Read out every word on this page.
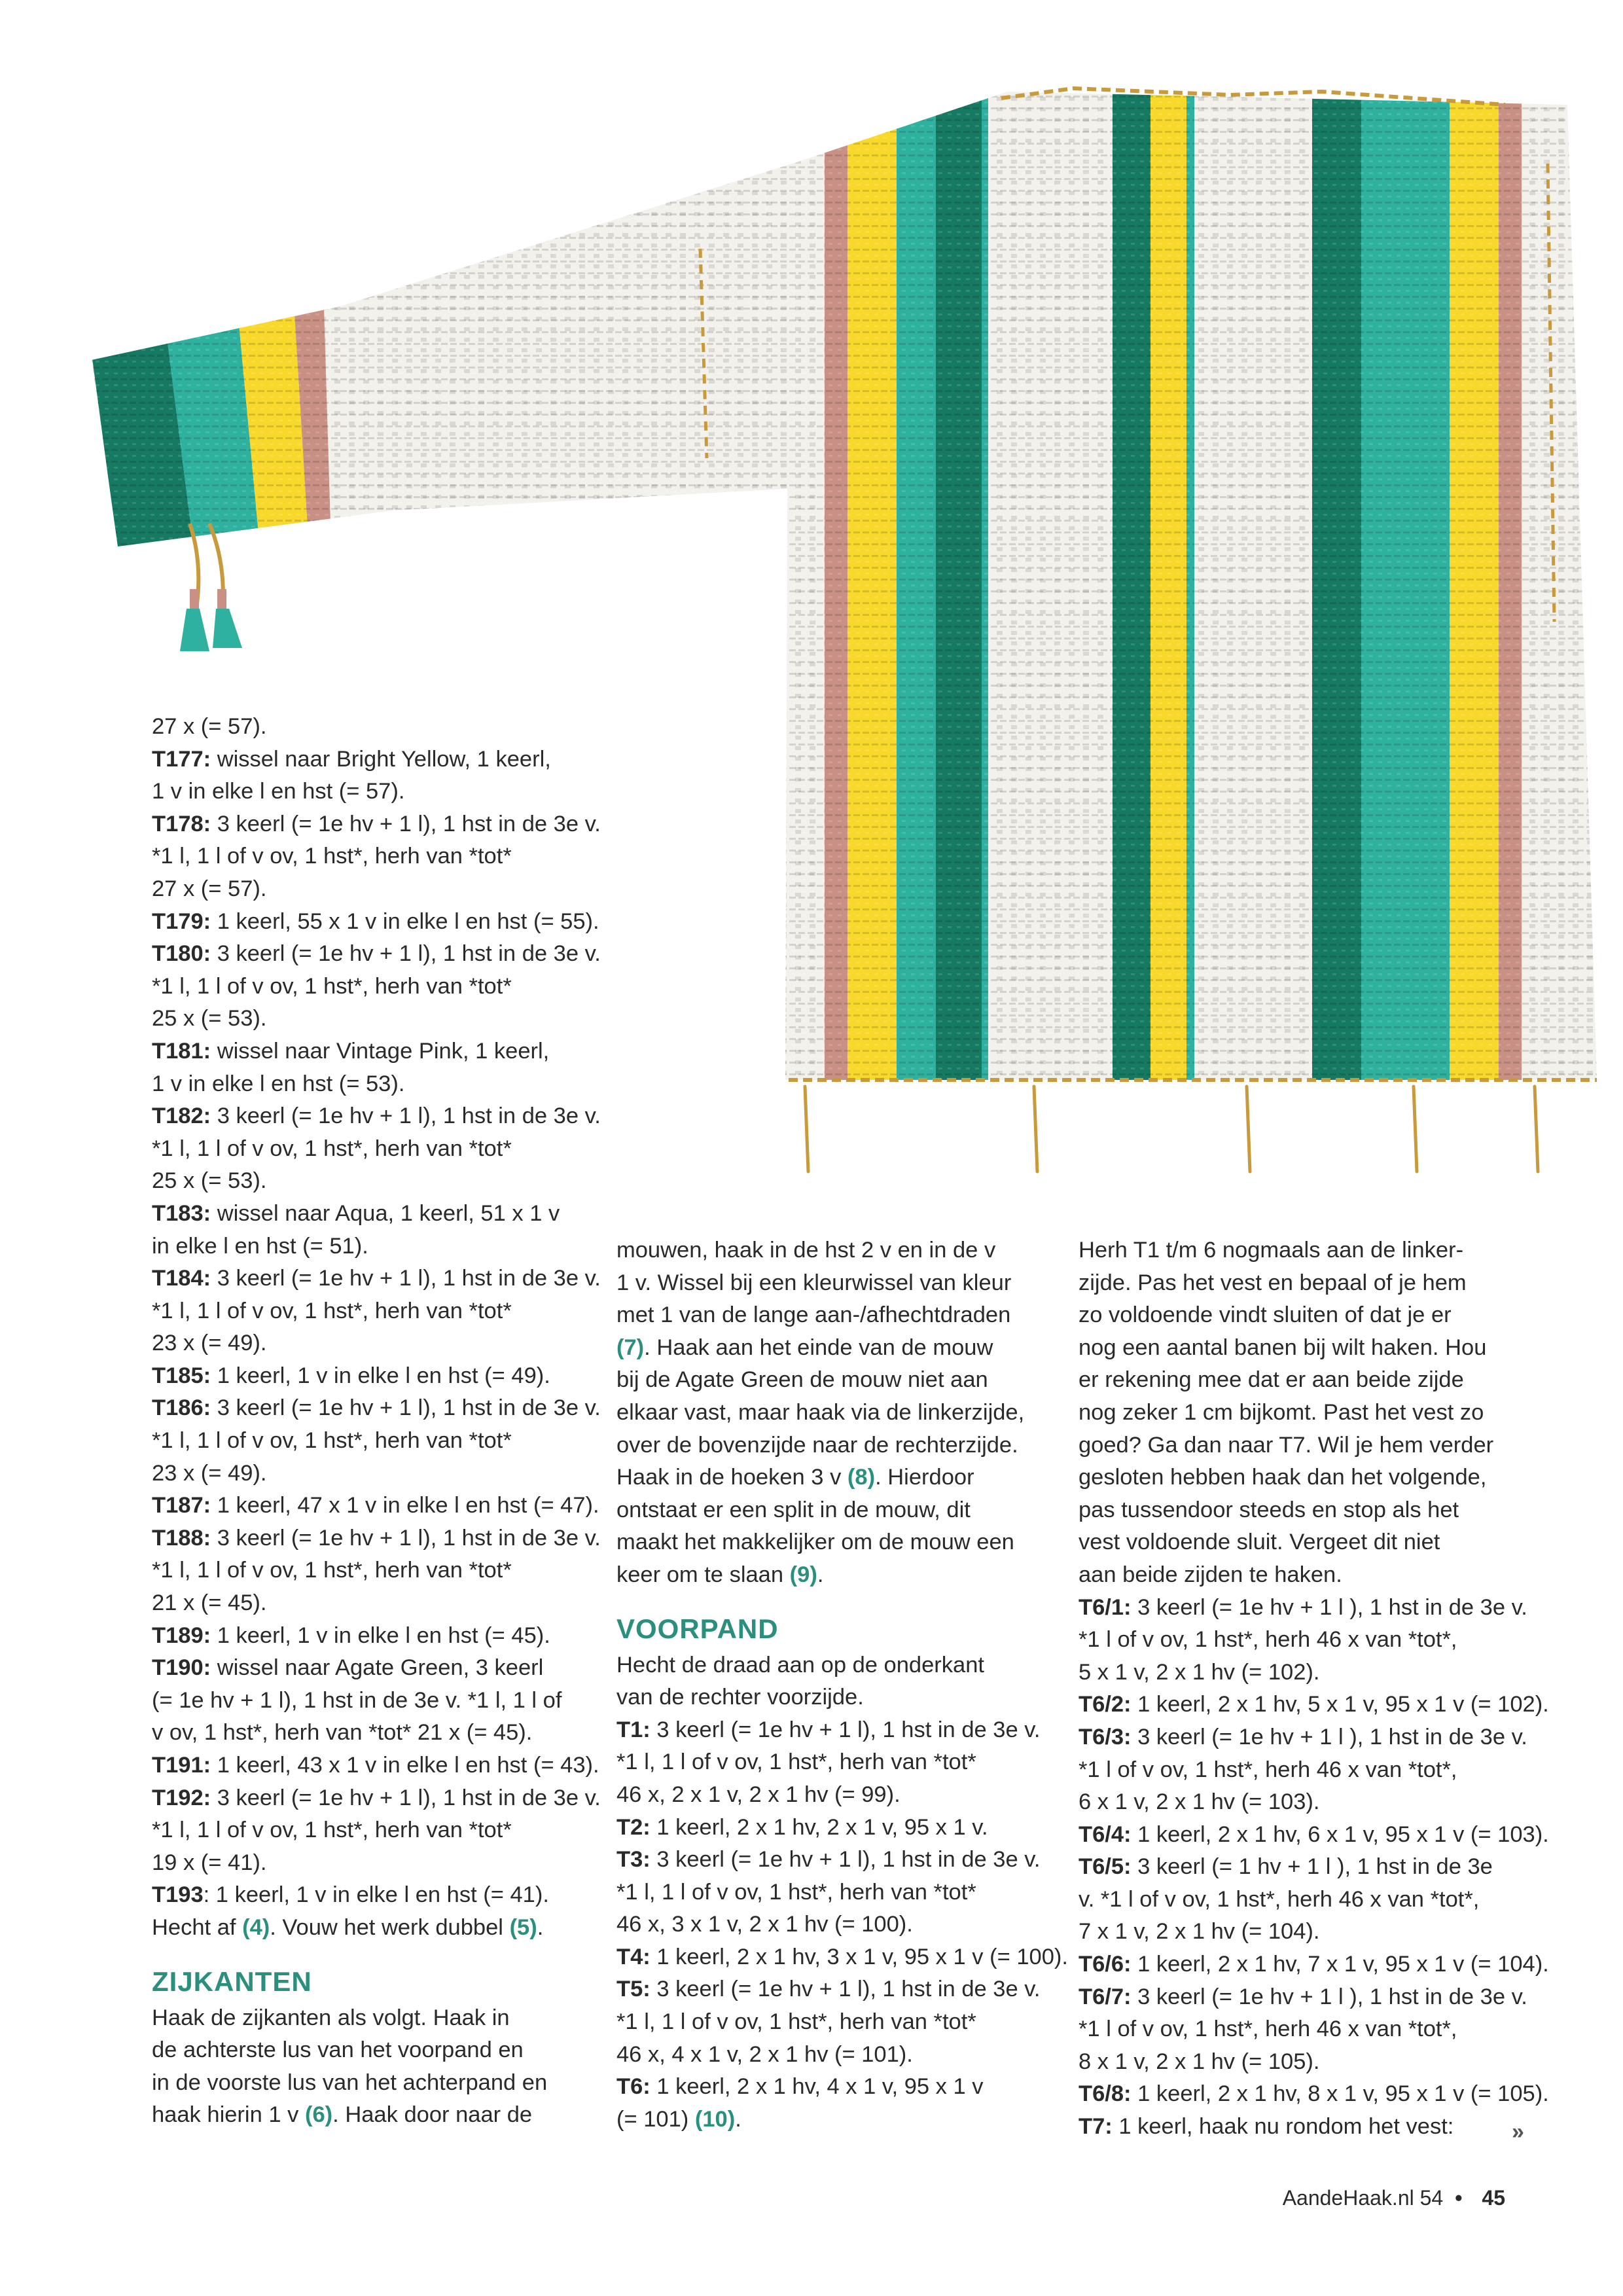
27 x (= 57).
T177: wissel naar Bright Yellow, 1 keerl,
1 v in elke l en hst (= 57).
T178: 3 keerl (= 1e hv + 1 l), 1 hst in de 3e v.
*1 l, 1 l of v ov, 1 hst*, herh van *tot*
27 x (= 57).
T179: 1 keerl, 55 x 1 v in elke l en hst (= 55).
T180: 3 keerl (= 1e hv + 1 l), 1 hst in de 3e v.
*1 l, 1 l of v ov, 1 hst*, herh van *tot*
25 x (= 53).
T181: wissel naar Vintage Pink, 1 keerl,
1 v in elke l en hst (= 53).
T182: 3 keerl (= 1e hv + 1 l), 1 hst in de 3e v.
*1 l, 1 l of v ov, 1 hst*, herh van *tot*
25 x (= 53).
T183: wissel naar Aqua, 1 keerl, 51 x 1 v
in elke l en hst (= 51).
T184: 3 keerl (= 1e hv + 1 l), 1 hst in de 3e v.
*1 l, 1 l of v ov, 1 hst*, herh van *tot*
23 x (= 49).
T185: 1 keerl, 1 v in elke l en hst (= 49).
T186: 3 keerl (= 1e hv + 1 l), 1 hst in de 3e v.
*1 l, 1 l of v ov, 1 hst*, herh van *tot*
23 x (= 49).
T187: 1 keerl, 47 x 1 v in elke l en hst (= 47).
T188: 3 keerl (= 1e hv + 1 l), 1 hst in de 3e v.
*1 l, 1 l of v ov, 1 hst*, herh van *tot*
21 x (= 45).
T189: 1 keerl, 1 v in elke l en hst (= 45).
T190: wissel naar Agate Green, 3 keerl
(= 1e hv + 1 l), 1 hst in de 3e v. *1 l, 1 l of
v ov, 1 hst*, herh van *tot* 21 x (= 45).
T191: 1 keerl, 43 x 1 v in elke l en hst (= 43).
T192: 3 keerl (= 1e hv + 1 l), 1 hst in de 3e v.
*1 l, 1 l of v ov, 1 hst*, herh van *tot*
19 x (= 41).
T193: 1 keerl, 1 v in elke l en hst (= 41).
Hecht af (4). Vouw het werk dubbel (5).
ZIJKANTEN
Haak de zijkanten als volgt. Haak in
de achterste lus van het voorpand en
in de voorste lus van het achterpand en
haak hierin 1 v (6). Haak door naar de
mouwen, haak in de hst 2 v en in de v
1 v. Wissel bij een kleurwissel van kleur
met 1 van de lange aan-/afhechtdraden
(7). Haak aan het einde van de mouw
bij de Agate Green de mouw niet aan
elkaar vast, maar haak via de linkerzijde,
over de bovenzijde naar de rechterzijde.
Haak in de hoeken 3 v (8). Hierdoor
ontstaat er een split in de mouw, dit
maakt het makkelijker om de mouw een
keer om te slaan (9).
VOORPAND
Hecht de draad aan op de onderkant
van de rechter voorzijde.
T1: 3 keerl (= 1e hv + 1 l), 1 hst in de 3e v.
*1 l, 1 l of v ov, 1 hst*, herh van *tot*
46 x, 2 x 1 v, 2 x 1 hv (= 99).
T2: 1 keerl, 2 x 1 hv, 2 x 1 v, 95 x 1 v.
T3: 3 keerl (= 1e hv + 1 l), 1 hst in de 3e v.
*1 l, 1 l of v ov, 1 hst*, herh van *tot*
46 x, 3 x 1 v, 2 x 1 hv (= 100).
T4: 1 keerl, 2 x 1 hv, 3 x 1 v, 95 x 1 v (= 100).
T5: 3 keerl (= 1e hv + 1 l), 1 hst in de 3e v.
*1 l, 1 l of v ov, 1 hst*, herh van *tot*
46 x, 4 x 1 v, 2 x 1 hv (= 101).
T6: 1 keerl, 2 x 1 hv, 4 x 1 v, 95 x 1 v
(= 101) (10).
Herh T1 t/m 6 nogmaals aan de linker-
zijde. Pas het vest en bepaal of je hem
zo voldoende vindt sluiten of dat je er
nog een aantal banen bij wilt haken. Hou
er rekening mee dat er aan beide zijde
nog zeker 1 cm bijkomt. Past het vest zo
goed? Ga dan naar T7. Wil je hem verder
gesloten hebben haak dan het volgende,
pas tussendoor steeds en stop als het
vest voldoende sluit. Vergeet dit niet
aan beide zijden te haken.
T6/1: 3 keerl (= 1e hv + 1 l ), 1 hst in de 3e v.
*1 l of v ov, 1 hst*, herh 46 x van *tot*,
5 x 1 v, 2 x 1 hv (= 102).
T6/2: 1 keerl, 2 x 1 hv, 5 x 1 v, 95 x 1 v (= 102).
T6/3: 3 keerl (= 1e hv + 1 l ), 1 hst in de 3e v.
*1 l of v ov, 1 hst*, herh 46 x van *tot*,
6 x 1 v, 2 x 1 hv (= 103).
T6/4: 1 keerl, 2 x 1 hv, 6 x 1 v, 95 x 1 v (= 103).
T6/5: 3 keerl (= 1 hv + 1 l ), 1 hst in de 3e
v. *1 l of v ov, 1 hst*, herh 46 x van *tot*,
7 x 1 v, 2 x 1 hv (= 104).
T6/6: 1 keerl, 2 x 1 hv, 7 x 1 v, 95 x 1 v (= 104).
T6/7: 3 keerl (= 1e hv + 1 l ), 1 hst in de 3e v.
*1 l of v ov, 1 hst*, herh 46 x van *tot*,
8 x 1 v, 2 x 1 hv (= 105).
T6/8: 1 keerl, 2 x 1 hv, 8 x 1 v, 95 x 1 v (= 105).
T7: 1 keerl, haak nu rondom het vest:	»
AandeHaak.nl 54 • 45
